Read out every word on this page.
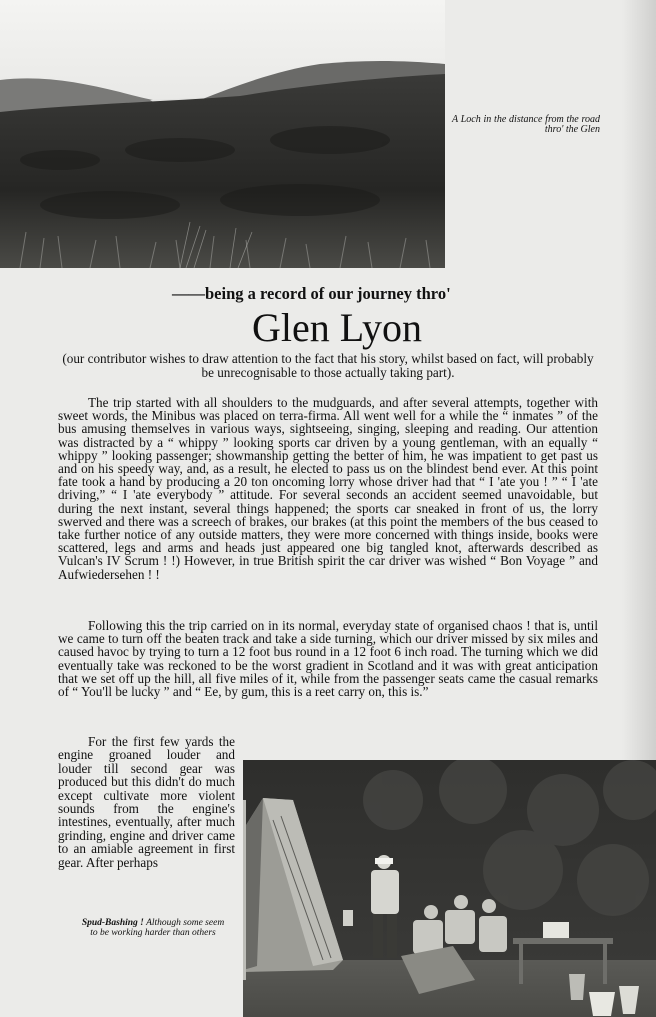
A Loch in the distance from the road thro' the Glen
——being a record of our journey thro'
Glen Lyon
(our contributor wishes to draw attention to the fact that his story, whilst based on fact, will probably be unrecognisable to those actually taking part).

The trip started with all shoulders to the mudguards, and after several attempts, together with sweet words, the Minibus was placed on terra-firma. All went well for a while the “ inmates ” of the bus amusing themselves in various ways, sightseeing, singing, sleeping and reading. Our attention was distracted by a “ whippy ” looking sports car driven by a young gentleman, with an equally “ whippy ” looking passenger; showmanship getting the better of him, he was impatient to get past us and on his speedy way, and, as a result, he elected to pass us on the blindest bend ever. At this point fate took a hand by producing a 20 ton oncoming lorry whose driver had that “ I 'ate you ! ” “ I 'ate driving,” “ I 'ate everybody ” attitude. For several seconds an accident seemed unavoidable, but during the next instant, several things happened; the sports car sneaked in front of us, the lorry swerved and there was a screech of brakes, our brakes (at this point the members of the bus ceased to take further notice of any outside matters, they were more concerned with things inside, books were scattered, legs and arms and heads just appeared one big tangled knot, afterwards described as Vulcan's IV Scrum ! !) However, in true British spirit the car driver was wished “ Bon Voyage ” and Aufwiedersehen ! !

Following this the trip carried on in its normal, everyday state of organised chaos ! that is, until we came to turn off the beaten track and take a side turning, which our driver missed by six miles and caused havoc by trying to turn a 12 foot bus round in a 12 foot 6 inch road. The turning which we did eventually take was reckoned to be the worst gradient in Scotland and it was with great anticipation that we set off up the hill, all five miles of it, while from the passenger seats came the casual remarks of “ You'll be lucky ” and “ Ee, by gum, this is a reet carry on, this is.”

For the first few yards the engine groaned louder and louder till second gear was produced but this didn't do much except cultivate more violent sounds from the engine's intestines, eventually, after much grinding, engine and driver came to an amiable agreement in first gear. After perhaps

Spud-Bashing ! Although some seem to be working harder than others
